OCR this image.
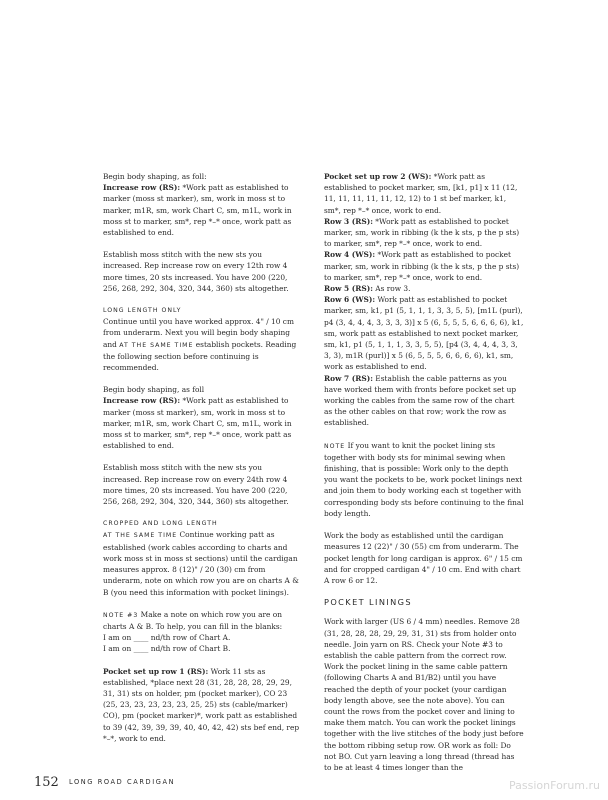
Begin body shaping, as foll:
Increase row (RS): *Work patt as established to marker (moss st marker), sm, work in moss st to marker, m1R, sm, work Chart C, sm, m1L, work in moss st to marker, sm*, rep *–* once, work patt as established to end.

Establish moss stitch with the new sts you increased. Rep increase row on every 12th row 4 more times, 20 sts increased. You have 200 (220, 256, 268, 292, 304, 320, 344, 360) sts altogether.

LONG LENGTH ONLY
Continue until you have worked approx. 4" / 10 cm from underarm. Next you will begin body shaping and AT THE SAME TIME establish pockets. Reading the following section before continuing is recommended.

Begin body shaping, as foll
Increase row (RS): *Work patt as established to marker (moss st marker), sm, work in moss st to marker, m1R, sm, work Chart C, sm, m1L, work in moss st to marker, sm*, rep *–* once, work patt as established to end.

Establish moss stitch with the new sts you increased. Rep increase row on every 24th row 4 more times, 20 sts increased. You have 200 (220, 256, 268, 292, 304, 320, 344, 360) sts altogether.

CROPPED AND LONG LENGTH
AT THE SAME TIME Continue working patt as established (work cables according to charts and work moss st in moss st sections) until the cardigan measures approx. 8 (12)" / 20 (30) cm from underarm, note on which row you are on charts A & B (you need this information with pocket linings).

NOTE #3 Make a note on which row you are on charts A & B. To help, you can fill in the blanks:
I am on ____ nd/th row of Chart A.
I am on ____ nd/th row of Chart B.

Pocket set up row 1 (RS): Work 11 sts as established, *place next 28 (31, 28, 28, 28, 29, 29, 31, 31) sts on holder, pm (pocket marker), CO 23 (25, 23, 23, 23, 23, 23, 25, 25) sts (cable/marker) CO), pm (pocket marker)*, work patt as established to 39 (42, 39, 39, 39, 40, 40, 42, 42) sts bef end, rep *–*, work to end.

Pocket set up row 2 (WS): *Work patt as established to pocket marker, sm, [k1, p1] x 11 (12, 11, 11, 11, 11, 11, 12, 12) to 1 st bef marker, k1, sm*, rep *–* once, work to end.
Row 3 (RS): *Work patt as established to pocket marker, sm, work in ribbing (k the k sts, p the p sts) to marker, sm*, rep *–* once, work to end.
Row 4 (WS): *Work patt as established to pocket marker, sm, work in ribbing (k the k sts, p the p sts) to marker, sm*, rep *–* once, work to end.
Row 5 (RS): As row 3.
Row 6 (WS): Work patt as established to pocket marker, sm, k1, p1 (5, 1, 1, 1, 3, 3, 5, 5), [m1L (purl), p4 (3, 4, 4, 4, 3, 3, 3, 3)] x 5 (6, 5, 5, 5, 6, 6, 6, 6), k1, sm, work patt as established to next pocket marker, sm, k1, p1 (5, 1, 1, 1, 3, 3, 5, 5), [p4 (3, 4, 4, 4, 3, 3, 3, 3), m1R (purl)] x 5 (6, 5, 5, 5, 6, 6, 6, 6), k1, sm, work as established to end.
Row 7 (RS): Establish the cable patterns as you have worked them with fronts before pocket set up working the cables from the same row of the chart as the other cables on that row; work the row as established.

NOTE If you want to knit the pocket lining sts together with body sts for minimal sewing when finishing, that is possible: Work only to the depth you want the pockets to be, work pocket linings next and join them to body working each st together with corresponding body sts before continuing to the final body length.

Work the body as established until the cardigan measures 12 (22)" / 30 (55) cm from underarm. The pocket length for long cardigan is approx. 6" / 15 cm and for cropped cardigan 4" / 10 cm. End with chart A row 6 or 12.

POCKET LININGS

Work with larger (US 6 / 4 mm) needles. Remove 28 (31, 28, 28, 28, 29, 29, 31, 31) sts from holder onto needle. Join yarn on RS. Check your Note #3 to establish the cable pattern from the correct row. Work the pocket lining in the same cable pattern (following Charts A and B1/B2) until you have reached the depth of your pocket (your cardigan body length above, see the note above). You can count the rows from the pocket cover and lining to make them match. You can work the pocket linings together with the live stitches of the body just before the bottom ribbing setup row. OR work as foll: Do not BO. Cut yarn leaving a long thread (thread has to be at least 4 times longer than the

152 LONG ROAD CARDIGAN	PassionForum.ru
